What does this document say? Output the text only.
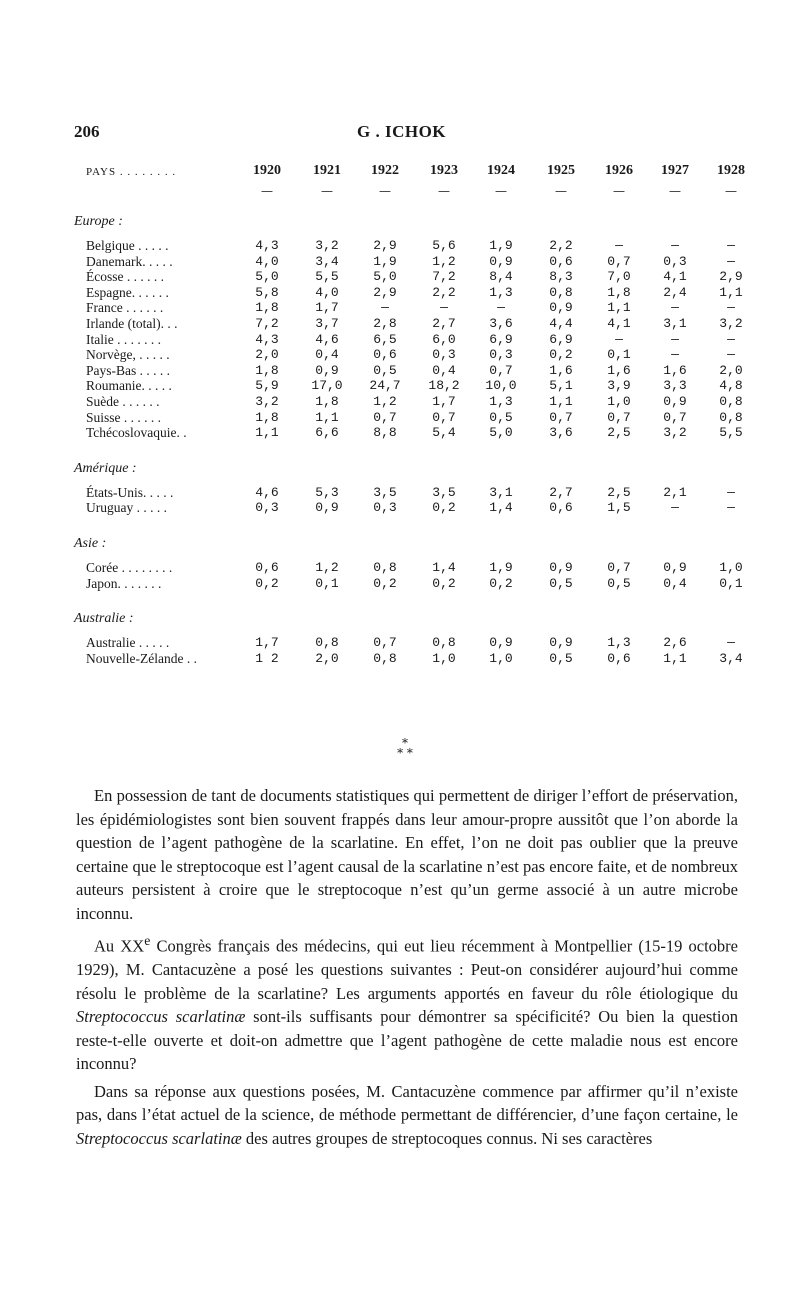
206	G . ICHOK
PAYS . . . . . . . .	1920	1921	1922	1923	1924	1925	1926	1927	1928
—	—	—	—	—	—	—	—	—
Europe :
Belgique . . . . .	4,3	3,2	2,9	5,6	1,9	2,2	—	—	—
Danemark. . . . .	4,0	3,4	1,9	1,2	0,9	0,6	0,7	0,3	—
Écosse . . . . . .	5,0	5,5	5,0	7,2	8,4	8,3	7,0	4,1	2,9
Espagne. . . . . .	5,8	4,0	2,9	2,2	1,3	0,8	1,8	2,4	1,1
France . . . . . .	1,8	1,7	—	—	—	0,9	1,1	—	—
Irlande (total). . .	7,2	3,7	2,8	2,7	3,6	4,4	4,1	3,1	3,2
Italie . . . . . . .	4,3	4,6	6,5	6,0	6,9	6,9	—	—	—
Norvège, . . . . .	2,0	0,4	0,6	0,3	0,3	0,2	0,1	—	—
Pays-Bas . . . . .	1,8	0,9	0,5	0,4	0,7	1,6	1,6	1,6	2,0
Roumanie. . . . .	5,9	17,0	24,7	18,2	10,0	5,1	3,9	3,3	4,8
Suède . . . . . .	3,2	1,8	1,2	1,7	1,3	1,1	1,0	0,9	0,8
Suisse . . . . . .	1,8	1,1	0,7	0,7	0,5	0,7	0,7	0,7	0,8
Tchécoslovaquie. .	1,1	6,6	8,8	5,4	5,0	3,6	2,5	3,2	5,5
Amérique :
États-Unis. . . . .	4,6	5,3	3,5	3,5	3,1	2,7	2,5	2,1	—
Uruguay . . . . .	0,3	0,9	0,3	0,2	1,4	0,6	1,5	—	—
Asie :
Corée . . . . . . . .	0,6	1,2	0,8	1,4	1,9	0,9	0,7	0,9	1,0
Japon. . . . . . .	0,2	0,1	0,2	0,2	0,2	0,5	0,5	0,4	0,1
Australie :
Australie . . . . .	1,7	0,8	0,7	0,8	0,9	0,9	1,3	2,6	—
Nouvelle-Zélande . .	1 2	2,0	0,8	1,0	1,0	0,5	0,6	1,1	3,4
*
* *

En possession de tant de documents statistiques qui permettent de diriger l’effort de préservation, les épidémiologistes sont bien souvent frappés dans leur amour-propre aussitôt que l’on aborde la question de l’agent pathogène de la scarlatine. En effet, l’on ne doit pas oublier que la preuve certaine que le streptocoque est l’agent causal de la scarlatine n’est pas encore faite, et de nombreux auteurs persistent à croire que le streptocoque n’est qu’un germe associé à un autre microbe inconnu.

Au XXe Congrès français des médecins, qui eut lieu récemment à Montpellier (15-19 octobre 1929), M. Cantacuzène a posé les questions suivantes : Peut-on considérer aujourd’hui comme résolu le problème de la scarlatine? Les arguments apportés en faveur du rôle étiologique du Streptococcus scarlatinæ sont-ils suffisants pour démontrer sa spécificité? Ou bien la question reste-t-elle ouverte et doit-on admettre que l’agent pathogène de cette maladie nous est encore inconnu?

Dans sa réponse aux questions posées, M. Cantacuzène commence par affirmer qu’il n’existe pas, dans l’état actuel de la science, de méthode permettant de différencier, d’une façon certaine, le Streptococcus scarlatinæ des autres groupes de streptocoques connus. Ni ses caractères
